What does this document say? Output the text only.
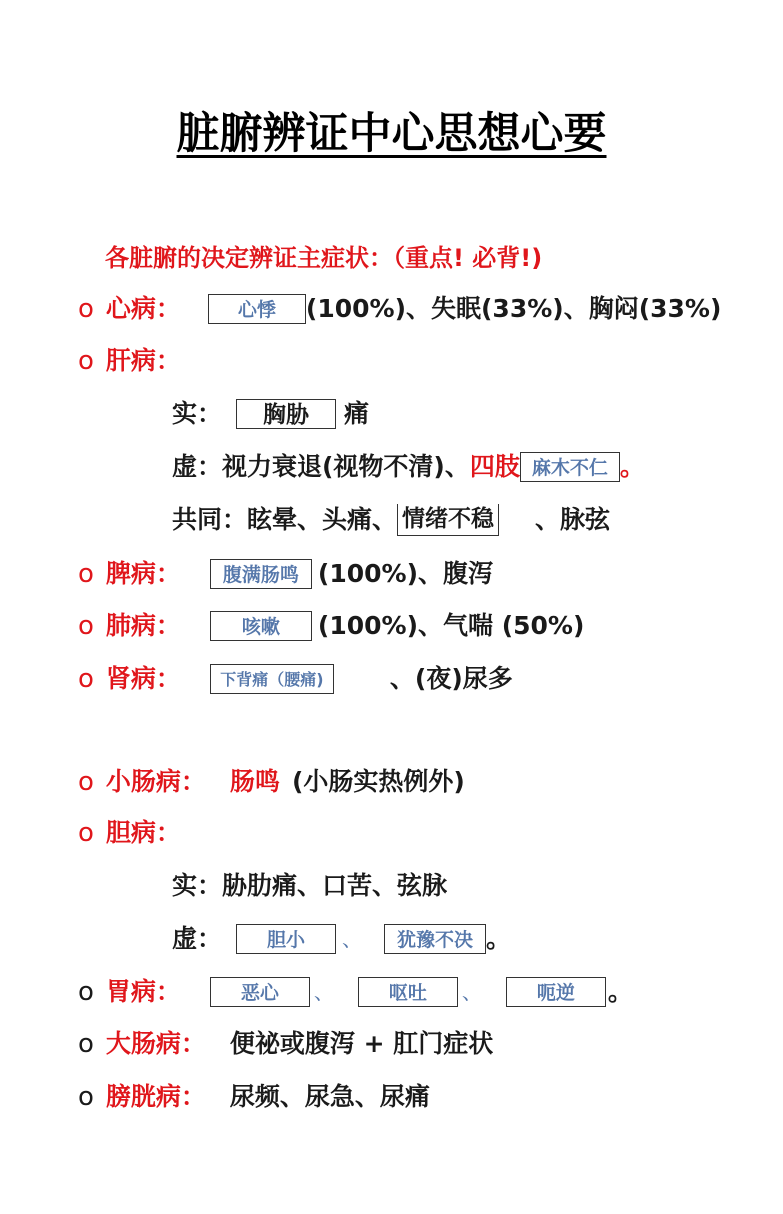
脏腑辨证中心思想心要
各脏腑的决定辨证主症状：（重点! 必背!)
o 心病：	心悸	(100%)、失眠(33%)、胸闷(33%)
o 肝病：
实：	胸胁	痛
虚：视力衰退(视物不清)、 四肢 麻木不仁 。
共同：眩晕、头痛、 情绪不稳 、脉弦
o 脾病：	腹满肠鸣 (100%)、腹泻
o 肺病：	咳嗽	(100%)、气喘 (50%)
o 肾病：	下背痛（腰痛)	、(夜)尿多
o 小肠病： 肠鸣 (小肠实热例外)
o 胆病：
实：胁肋痛、口苦、弦脉
虚：	胆小	、	犹豫不决 。
o 胃病：	恶心	、	呕吐	、	呃逆	。
o 大肠病： 便祕或腹泻 + 肛门症状
o 膀胱病： 尿频、尿急、尿痛
